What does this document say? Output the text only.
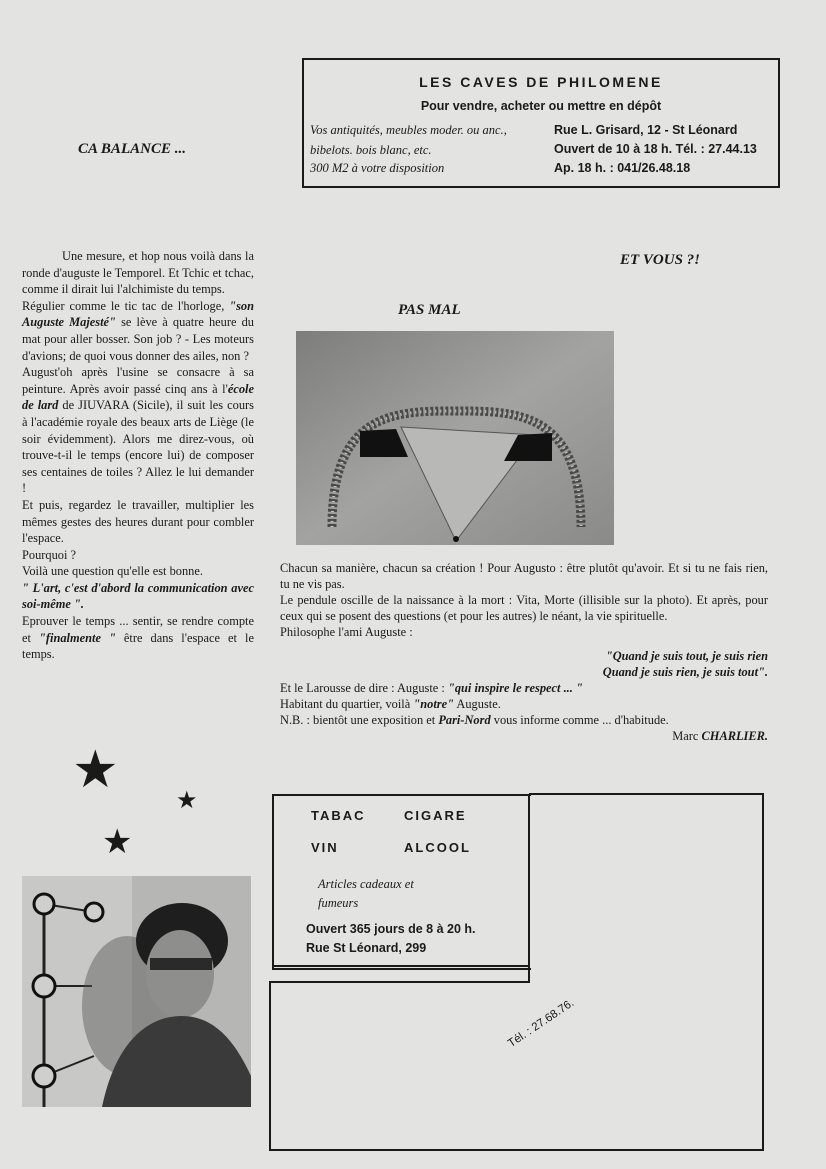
LES CAVES DE PHILOMENE
Pour vendre, acheter ou mettre en dépôt
Vos antiquités, meubles moder. ou anc.,
bibelots. bois blanc, etc.
300 M2 à votre disposition
Rue L. Grisard, 12 - St Léonard
Ouvert de 10 à 18 h. Tél. : 27.44.13
Ap. 18 h. : 041/26.48.18
CA BALANCE ...
ET VOUS ?!
PAS MAL

Une mesure, et hop nous voilà dans la ronde d'auguste le Temporel. Et Tchic et tchac, comme il dirait lui l'alchimiste du temps.

Régulier comme le tic tac de l'horloge, "son Auguste Majesté" se lève à quatre heure du mat pour aller bosser. Son job ? - Les moteurs d'avions; de quoi vous donner des ailes, non ?

August'oh après l'usine se consacre à sa peinture. Après avoir passé cinq ans à l'école de lard de JIUVARA (Sicile), il suit les cours à l'académie royale des beaux arts de Liège (le soir évidemment). Alors me direz-vous, où trouve-t-il le temps (encore lui) de composer ses centaines de toiles ? Allez le lui demander !

Et puis, regardez le travailler, multiplier les mêmes gestes des heures durant pour combler l'espace.

Pourquoi ?

Voilà une question qu'elle est bonne.

" L'art, c'est d'abord la communication avec soi-même ".

Eprouver le temps ... sentir, se rendre compte et "finalmente " être dans l'espace et le temps.

Chacun sa manière, chacun sa création ! Pour Augusto : être plutôt qu'avoir. Et si tu ne fais rien, tu ne vis pas.

Le pendule oscille de la naissance à la mort : Vita, Morte (illisible sur la photo). Et après, pour ceux qui se posent des questions (et pour les autres) le néant, la vie spirituelle.

Philosophe l'ami Auguste :

"Quand je suis tout, je suis rien

Quand je suis rien, je suis tout".

Et le Larousse de dire : Auguste : "qui inspire le respect ... "

Habitant du quartier, voilà "notre" Auguste.

N.B. : bientôt une exposition et Pari-Nord vous informe comme ... d'habitude.

Marc CHARLIER.

★
★
★
TABAC	CIGARE
VIN	ALCOOL
Articles cadeaux et
fumeurs
Ouvert 365 jours de 8 à 20 h.
Rue St Léonard, 299
Tél. : 27.68.76.
